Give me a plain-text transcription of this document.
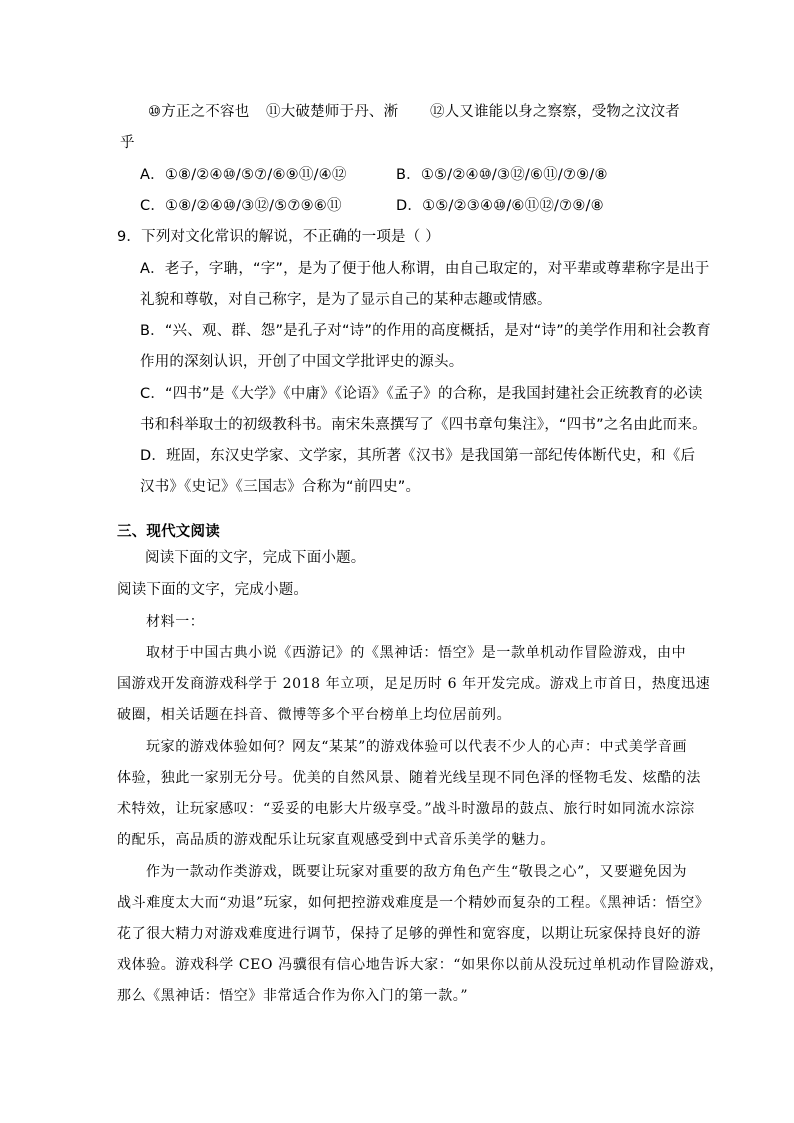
⑩方正之不容也 ⑪大破楚师于丹、淅 ⑫人又谁能以身之察察，受物之汶汶者
乎
A．①⑧/②④⑩/⑤⑦/⑥⑨⑪/④⑫	B．①⑤/②④⑩/③⑫/⑥⑪/⑦⑨/⑧
C．①⑧/②④⑩/③⑫/⑤⑦⑨⑥⑪	D．①⑤/②③④⑩/⑥⑪⑫/⑦⑨/⑧
9．下列对文化常识的解说，不正确的一项是（ ）
A．老子，字聃，“字”，是为了便于他人称谓，由自己取定的，对平辈或尊辈称字是出于
礼貌和尊敬，对自己称字，是为了显示自己的某种志趣或情感。
B．“兴、观、群、怨”是孔子对“诗”的作用的高度概括，是对“诗”的美学作用和社会教育
作用的深刻认识，开创了中国文学批评史的源头。
C．“四书”是《大学》《中庸》《论语》《孟子》的合称，是我国封建社会正统教育的必读
书和科举取士的初级教科书。南宋朱熹撰写了《四书章句集注》，“四书”之名由此而来。
D．班固，东汉史学家、文学家，其所著《汉书》是我国第一部纪传体断代史，和《后
汉书》《史记》《三国志》合称为“前四史”。
三、现代文阅读
阅读下面的文字，完成下面小题。
阅读下面的文字，完成小题。
材料一：
取材于中国古典小说《西游记》的《黑神话：悟空》是一款单机动作冒险游戏，由中
国游戏开发商游戏科学于 2018 年立项，足足历时 6 年开发完成。游戏上市首日，热度迅速
破圈，相关话题在抖音、微博等多个平台榜单上均位居前列。
玩家的游戏体验如何？网友“某某”的游戏体验可以代表不少人的心声：中式美学音画
体验，独此一家别无分号。优美的自然风景、随着光线呈现不同色泽的怪物毛发、炫酷的法
术特效，让玩家感叹：“妥妥的电影大片级享受。”战斗时激昂的鼓点、旅行时如同流水淙淙
的配乐，高品质的游戏配乐让玩家直观感受到中式音乐美学的魅力。
作为一款动作类游戏，既要让玩家对重要的敌方角色产生“敬畏之心”，又要避免因为
战斗难度太大而“劝退”玩家，如何把控游戏难度是一个精妙而复杂的工程。《黑神话：悟空》
花了很大精力对游戏难度进行调节，保持了足够的弹性和宽容度，以期让玩家保持良好的游
戏体验。游戏科学 CEO 冯骥很有信心地告诉大家：“如果你以前从没玩过单机动作冒险游戏，
那么《黑神话：悟空》非常适合作为你入门的第一款。”
